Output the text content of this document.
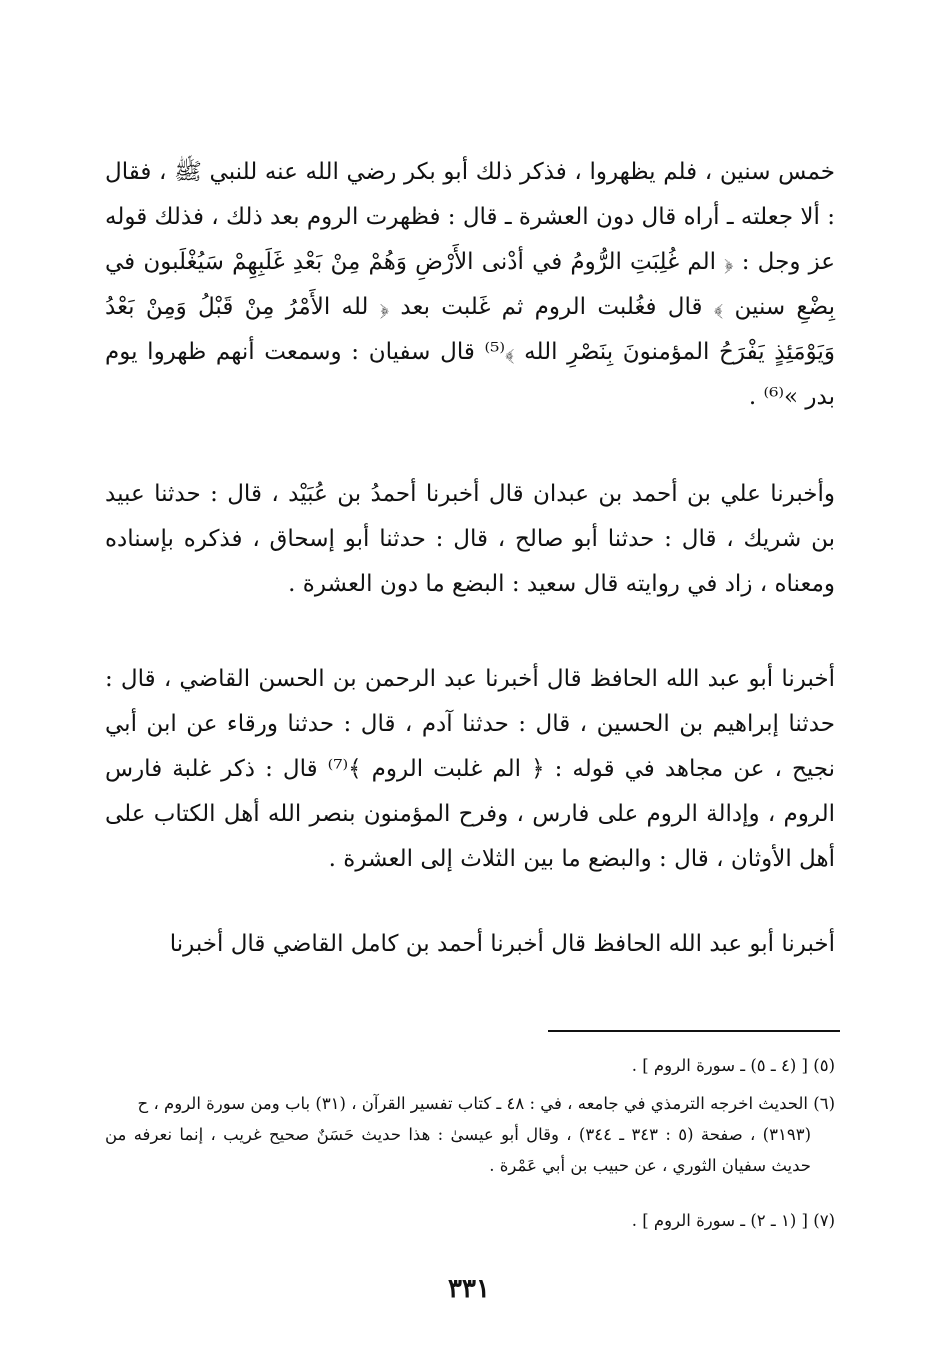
خمس سنين ، فلم يظهروا ، فذكر ذلك أبو بكر رضي الله عنه للنبي ﷺ ، فقال : ألا جعلته ـ أراه قال دون العشرة ـ قال : فظهرت الروم بعد ذلك ، فذلك قوله عز وجل : ﴿ الم غُلِبَتِ الرُّومُ في أدْنى الأَرْضِ وَهُمْ مِنْ بَعْدِ غَلَبِهِمْ سَيُغْلَبون في بِضْعِ سنين ﴾ قال فغُلبت الروم ثم غَلبت بعد ﴿ لله الأَمْرُ مِنْ قَبْلُ وَمِنْ بَعْدُ وَيَوْمَئِذٍ يَفْرَحُ المؤمنونَ بِنَصْرِ الله ﴾⁽⁵⁾ قال سفيان : وسمعت أنهم ظهروا يوم بدر »⁽⁶⁾ .
وأخبرنا علي بن أحمد بن عبدان قال أخبرنا أحمدُ بن عُبَيْد ، قال : حدثنا عبيد بن شريك ، قال : حدثنا أبو صالح ، قال : حدثنا أبو إسحاق ، فذكره بإسناده ومعناه ، زاد في روايته قال سعيد : البضع ما دون العشرة .
أخبرنا أبو عبد الله الحافظ قال أخبرنا عبد الرحمن بن الحسن القاضي ، قال : حدثنا إبراهيم بن الحسين ، قال : حدثنا آدم ، قال : حدثنا ورقاء عن ابن أبي نجيح ، عن مجاهد في قوله : ﴿ الم غلبت الروم ﴾⁽⁷⁾ قال : ذكر غلبة فارس الروم ، وإدالة الروم على فارس ، وفرح المؤمنون بنصر الله أهل الكتاب على أهل الأوثان ، قال : والبضع ما بين الثلاث إلى العشرة .
أخبرنا أبو عبد الله الحافظ قال أخبرنا أحمد بن كامل القاضي قال أخبرنا
(٥) [ (٤ ـ ٥) ـ سورة الروم ] .
(٦) الحديث اخرجه الترمذي في جامعه ، في : ٤٨ ـ كتاب تفسير القرآن ، (٣١) باب ومن سورة الروم ، ح
(٣١٩٣) ، صفحة (٥ : ٣٤٣ ـ ٣٤٤) ، وقال أبو عيسىٰ : هذا حديث حَسَنٌ صحيح غريب ، إنما نعرفه من حديث سفيان الثوري ، عن حبيب بن أبي عَمْرة .
(٧) [ (١ ـ ٢) ـ سورة الروم ] .
٣٣١
